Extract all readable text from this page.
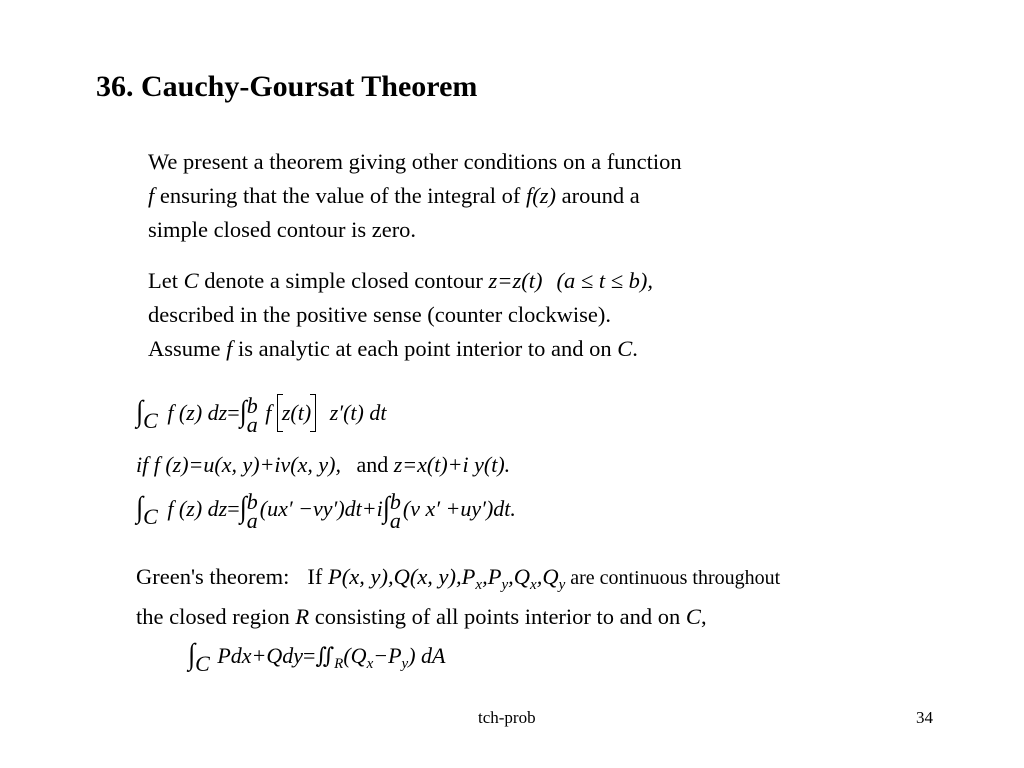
36. Cauchy-Goursat Theorem
We present a theorem giving other conditions on a function
f ensuring that the value of the integral of f(z) around a
simple closed contour is zero.
Let C denote a simple closed contour z=z(t) (a ≤ t ≤ b),
described in the positive sense (counter clockwise).
Assume f is analytic at each point interior to and on C.
∫C f (z) dz=∫ b
a f z(t) z′(t) dt
if f (z)=u(x, y)+iv(x, y), and z=x(t)+i y(t).
∫C f (z) dz=∫ b
a (ux′ −vy′)dt+i∫ b
a (v x′ +uy′)dt.
Green's theorem: If P(x, y),Q(x, $y),P_x,P_y,Q_x,Q_y$ are continuous throughout
the closed region R consisting of all points interior to and on C,
∫C $Pdx+Qdy=∬_R(Q_x-P_y)$ dA
tch-prob	34
